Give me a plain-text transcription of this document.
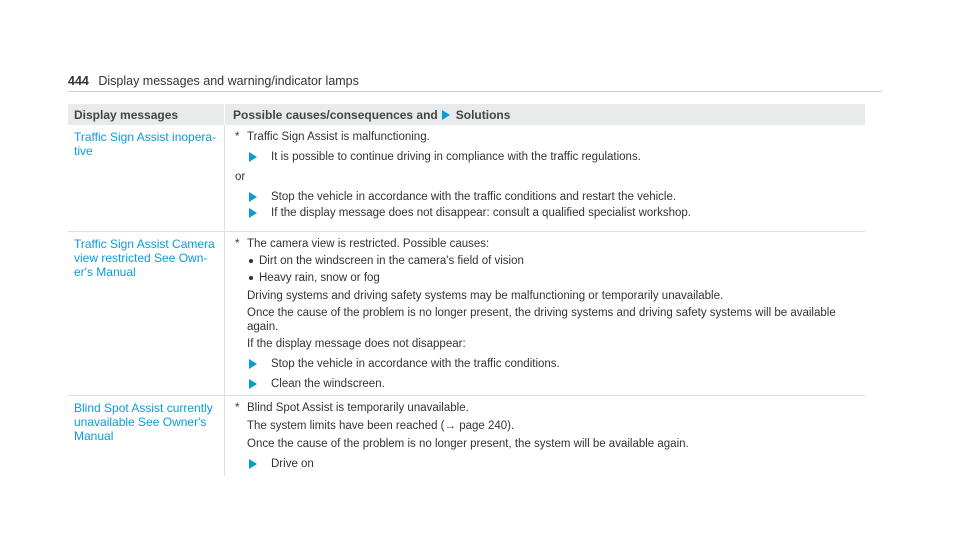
444 Display messages and warning/indicator lamps
Display messages	Possible causes/consequences and Solutions
Traffic Sign Assist inopera-
tive
* Traffic Sign Assist is malfunctioning.
It is possible to continue driving in compliance with the traffic regulations.
or
Stop the vehicle in accordance with the traffic conditions and restart the vehicle.
If the display message does not disappear: consult a qualified specialist workshop.
Traffic Sign Assist Camera
view restricted See Own-
er's Manual
* The camera view is restricted. Possible causes:
Dirt on the windscreen in the camera's field of vision
Heavy rain, snow or fog
Driving systems and driving safety systems may be malfunctioning or temporarily unavailable.
Once the cause of the problem is no longer present, the driving systems and driving safety systems will be available again.
If the display message does not disappear:
Stop the vehicle in accordance with the traffic conditions.
Clean the windscreen.
Blind Spot Assist currently
unavailable See Owner's
Manual
* Blind Spot Assist is temporarily unavailable.
The system limits have been reached (→ page 240).
Once the cause of the problem is no longer present, the system will be available again.
Drive on
